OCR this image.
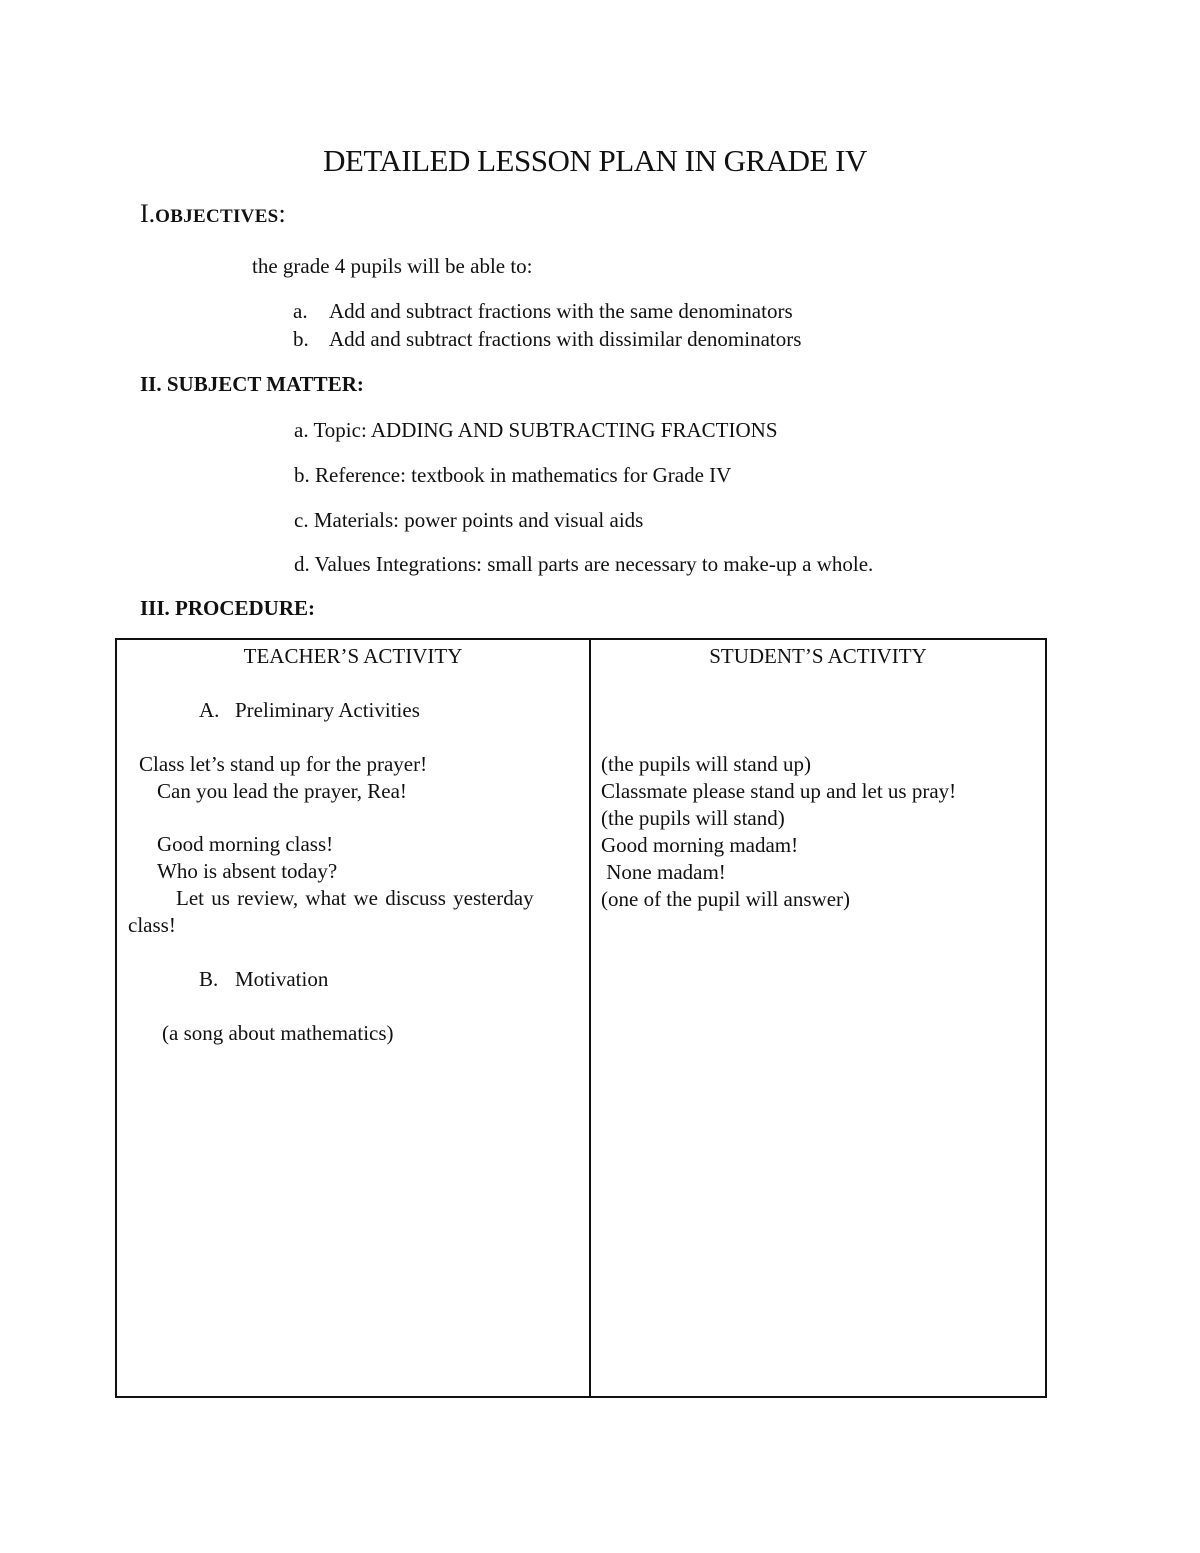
DETAILED LESSON PLAN IN GRADE IV
I.OBJECTIVES:
the grade 4 pupils will be able to:
a. Add and subtract fractions with the same denominators
b. Add and subtract fractions with dissimilar denominators
II. SUBJECT MATTER:
a. Topic: ADDING AND SUBTRACTING FRACTIONS
b. Reference: textbook in mathematics for Grade IV
c. Materials: power points and visual aids
d. Values Integrations: small parts are necessary to make-up a whole.
III. PROCEDURE:
TEACHER’S ACTIVITY
A. Preliminary Activities
Class let’s stand up for the prayer!
Can you lead the prayer, Rea!
Good morning class!
Who is absent today?
Let us review, what we discuss yesterday
class!
B. Motivation
(a song about mathematics)
STUDENT’S ACTIVITY
(the pupils will stand up)
Classmate please stand up and let us pray!
(the pupils will stand)
Good morning madam!
None madam!
(one of the pupil will answer)
